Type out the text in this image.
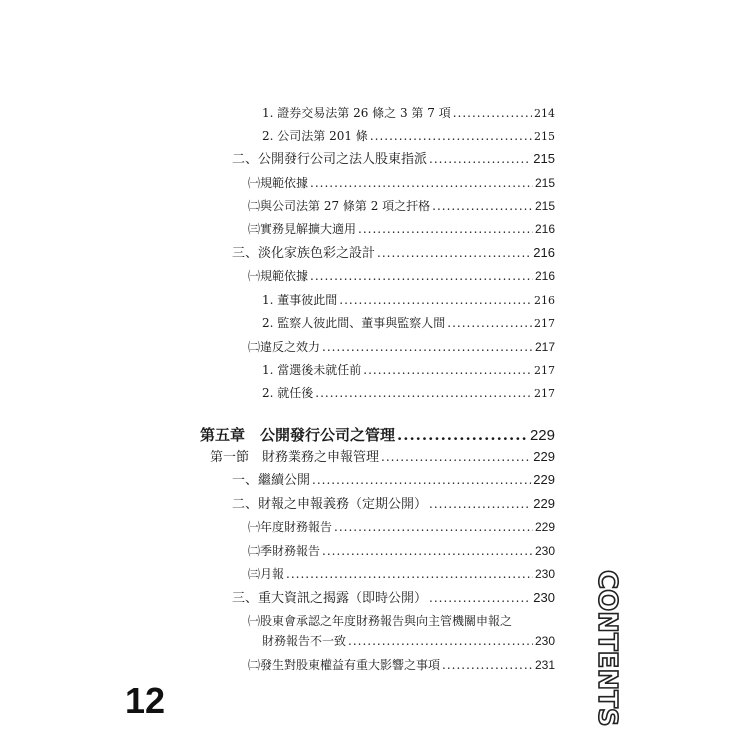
1. 證券交易法第 26 條之 3 第 7 項 .....	214
2. 公司法第 201 條 .....	215
二、公開發行公司之法人股東指派 .....	215
㈠規範依據 .....	215
㈡與公司法第 27 條第 2 項之扞格 .....	215
㈢實務見解擴大適用 .....	216
三、淡化家族色彩之設計 .....	216
㈠規範依據 .....	216
1. 董事彼此間 .....	216
2. 監察人彼此間、董事與監察人間 .....	217
㈡違反之效力 .....	217
1. 當選後未就任前 .....	217
2. 就任後 .....	217
第五章　公開發行公司之管理 .....	229
第一節　財務業務之申報管理 .....	229
一、繼續公開 .....	229
二、財報之申報義務（定期公開） .....	229
㈠年度財務報告 .....	229
㈡季財務報告 .....	230
㈢月報 .....	230
三、重大資訊之揭露（即時公開） .....	230
㈠股東會承認之年度財務報告與向主管機關申報之
財務報告不一致 .....	230
㈡發生對股東權益有重大影響之事項 .....	231
12	CONTENTS
